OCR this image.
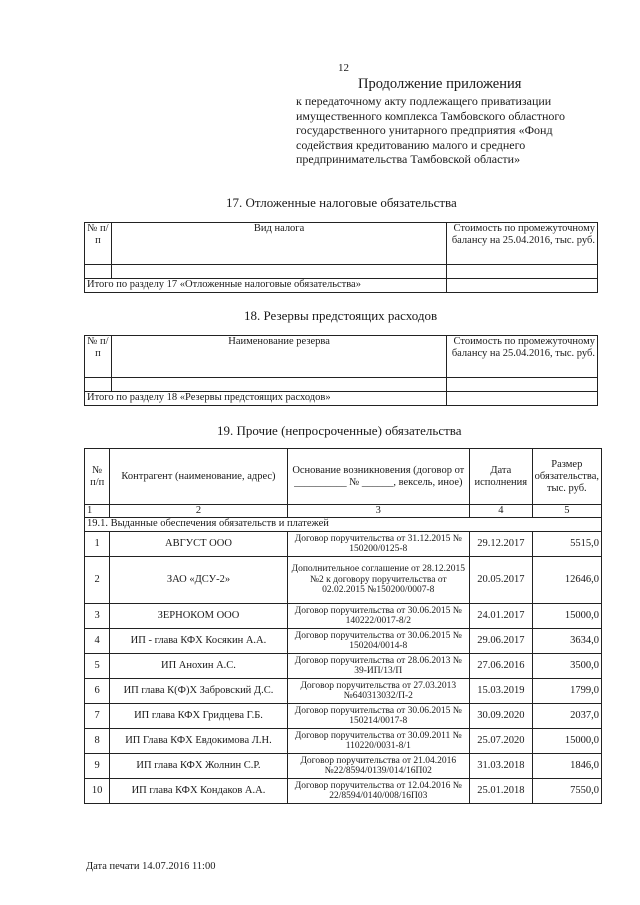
12
Продолжение приложения
к передаточному акту подлежащего приватизации имущественного комплекса Тамбовского областного государственного унитарного предприятия «Фонд содействия кредитованию малого и среднего предпринимательства Тамбовской области»
17. Отложенные налоговые обязательства
№ п/п	Вид налога	Стоимость по промежуточному балансу на 25.04.2016, тыс. руб.

Итого по разделу 17 «Отложенные налоговые обязательства»		
18. Резервы предстоящих расходов
№ п/п	Наименование резерва	Стоимость по промежуточному балансу на 25.04.2016, тыс. руб.

Итого по разделу 18 «Резервы предстоящих расходов»		
19. Прочие (непросроченные) обязательства
№ п/п	Контрагент (наименование, адрес)	Основание возникновения (договор от __________ № ______, вексель, иное)	Дата исполнения	Размер обязательства, тыс. руб.
1	2	3	4	5
19.1. Выданные обеспечения обязательств и платежей				
1	АВГУСТ ООО	Договор поручительства от 31.12.2015 № 150200/0125-8	29.12.2017	5515,0
2	ЗАО «ДСУ-2»	Дополнительное соглашение от 28.12.2015 №2 к договору поручительства от 02.02.2015 №150200/0007-8	20.05.2017	12646,0
3	ЗЕРНОКОМ ООО	Договор поручительства от 30.06.2015 № 140222/0017-8/2	24.01.2017	15000,0
4	ИП - глава КФХ Косякин А.А.	Договор поручительства от 30.06.2015 № 150204/0014-8	29.06.2017	3634,0
5	ИП Анохин А.С.	Договор поручительства от 28.06.2013 № 39-ИП/13/П	27.06.2016	3500,0
6	ИП глава К(Ф)Х Забровский Д.С.	Договор поручительства от 27.03.2013 №640313032/П-2	15.03.2019	1799,0
7	ИП глава КФХ Гридцева Г.Б.	Договор поручительства от 30.06.2015 № 150214/0017-8	30.09.2020	2037,0
8	ИП Глава КФХ Евдокимова Л.Н.	Договор поручительства от 30.09.2011 № 110220/0031-8/1	25.07.2020	15000,0
9	ИП глава КФХ Жолнин С.Р.	Договор поручительства от 21.04.2016 №22/8594/0139/014/16П02	31.03.2018	1846,0
10	ИП глава КФХ Кондаков А.А.	Договор поручительства от 12.04.2016 № 22/8594/0140/008/16П03	25.01.2018	7550,0
Дата печати 14.07.2016 11:00
